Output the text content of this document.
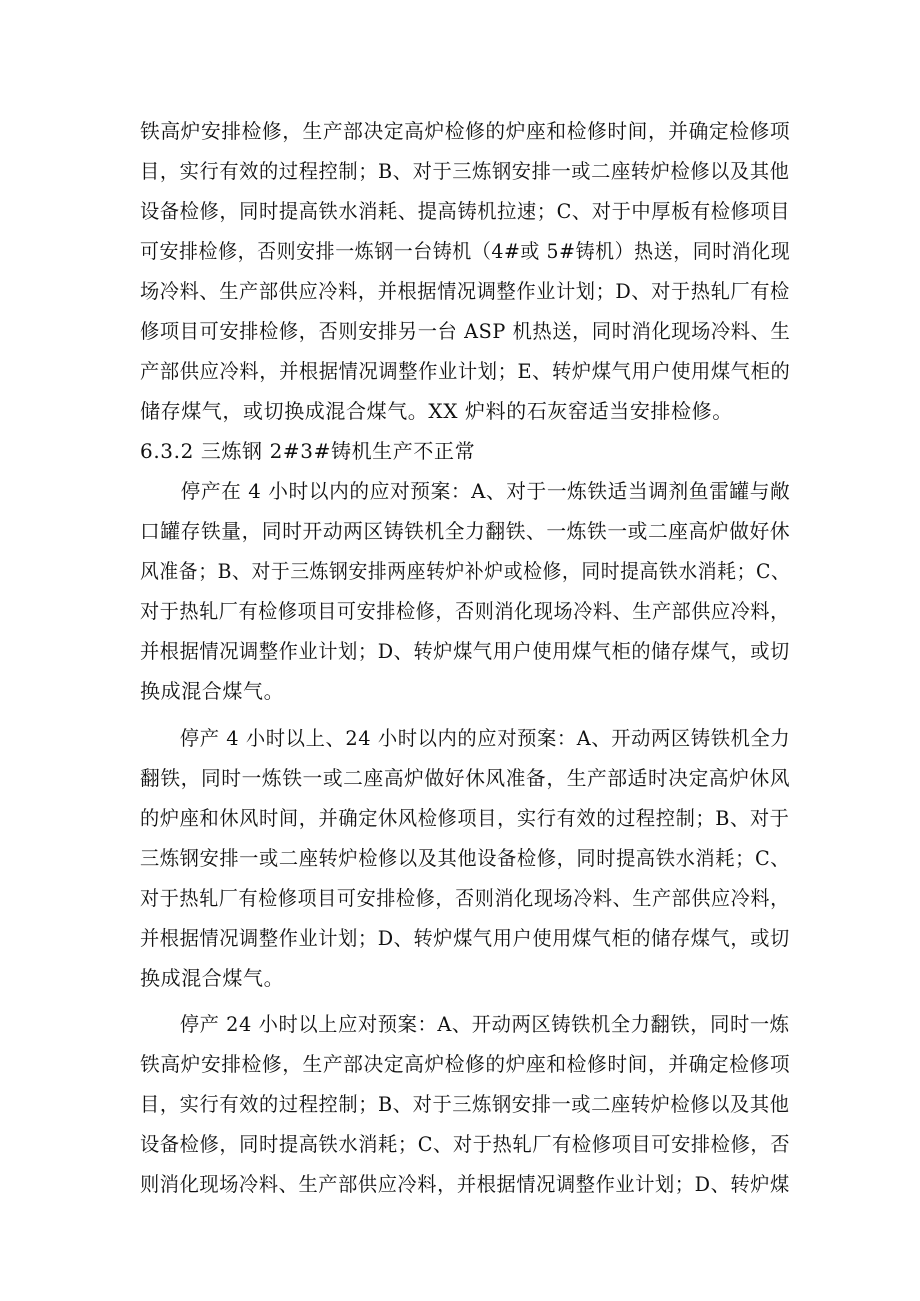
铁高炉安排检修，生产部决定高炉检修的炉座和检修时间，并确定检修项
目，实行有效的过程控制；B、对于三炼钢安排一或二座转炉检修以及其他
设备检修，同时提高铁水消耗、提高铸机拉速；C、对于中厚板有检修项目
可安排检修，否则安排一炼钢一台铸机（4#或 5#铸机）热送，同时消化现
场冷料、生产部供应冷料，并根据情况调整作业计划；D、对于热轧厂有检
修项目可安排检修，否则安排另一台 ASP 机热送，同时消化现场冷料、生
产部供应冷料，并根据情况调整作业计划；E、转炉煤气用户使用煤气柜的
储存煤气，或切换成混合煤气。XX 炉料的石灰窑适当安排检修。
6.3.2 三炼钢 2#3#铸机生产不正常
　　停产在 4 小时以内的应对预案：A、对于一炼铁适当调剂鱼雷罐与敞
口罐存铁量，同时开动两区铸铁机全力翻铁、一炼铁一或二座高炉做好休
风准备；B、对于三炼钢安排两座转炉补炉或检修，同时提高铁水消耗；C、
对于热轧厂有检修项目可安排检修，否则消化现场冷料、生产部供应冷料，
并根据情况调整作业计划；D、转炉煤气用户使用煤气柜的储存煤气，或切
换成混合煤气。
　　停产 4 小时以上、24 小时以内的应对预案：A、开动两区铸铁机全力
翻铁，同时一炼铁一或二座高炉做好休风准备，生产部适时决定高炉休风
的炉座和休风时间，并确定休风检修项目，实行有效的过程控制；B、对于
三炼钢安排一或二座转炉检修以及其他设备检修，同时提高铁水消耗；C、
对于热轧厂有检修项目可安排检修，否则消化现场冷料、生产部供应冷料，
并根据情况调整作业计划；D、转炉煤气用户使用煤气柜的储存煤气，或切
换成混合煤气。
　　停产 24 小时以上应对预案：A、开动两区铸铁机全力翻铁，同时一炼
铁高炉安排检修，生产部决定高炉检修的炉座和检修时间，并确定检修项
目，实行有效的过程控制；B、对于三炼钢安排一或二座转炉检修以及其他
设备检修，同时提高铁水消耗；C、对于热轧厂有检修项目可安排检修，否
则消化现场冷料、生产部供应冷料，并根据情况调整作业计划；D、转炉煤
